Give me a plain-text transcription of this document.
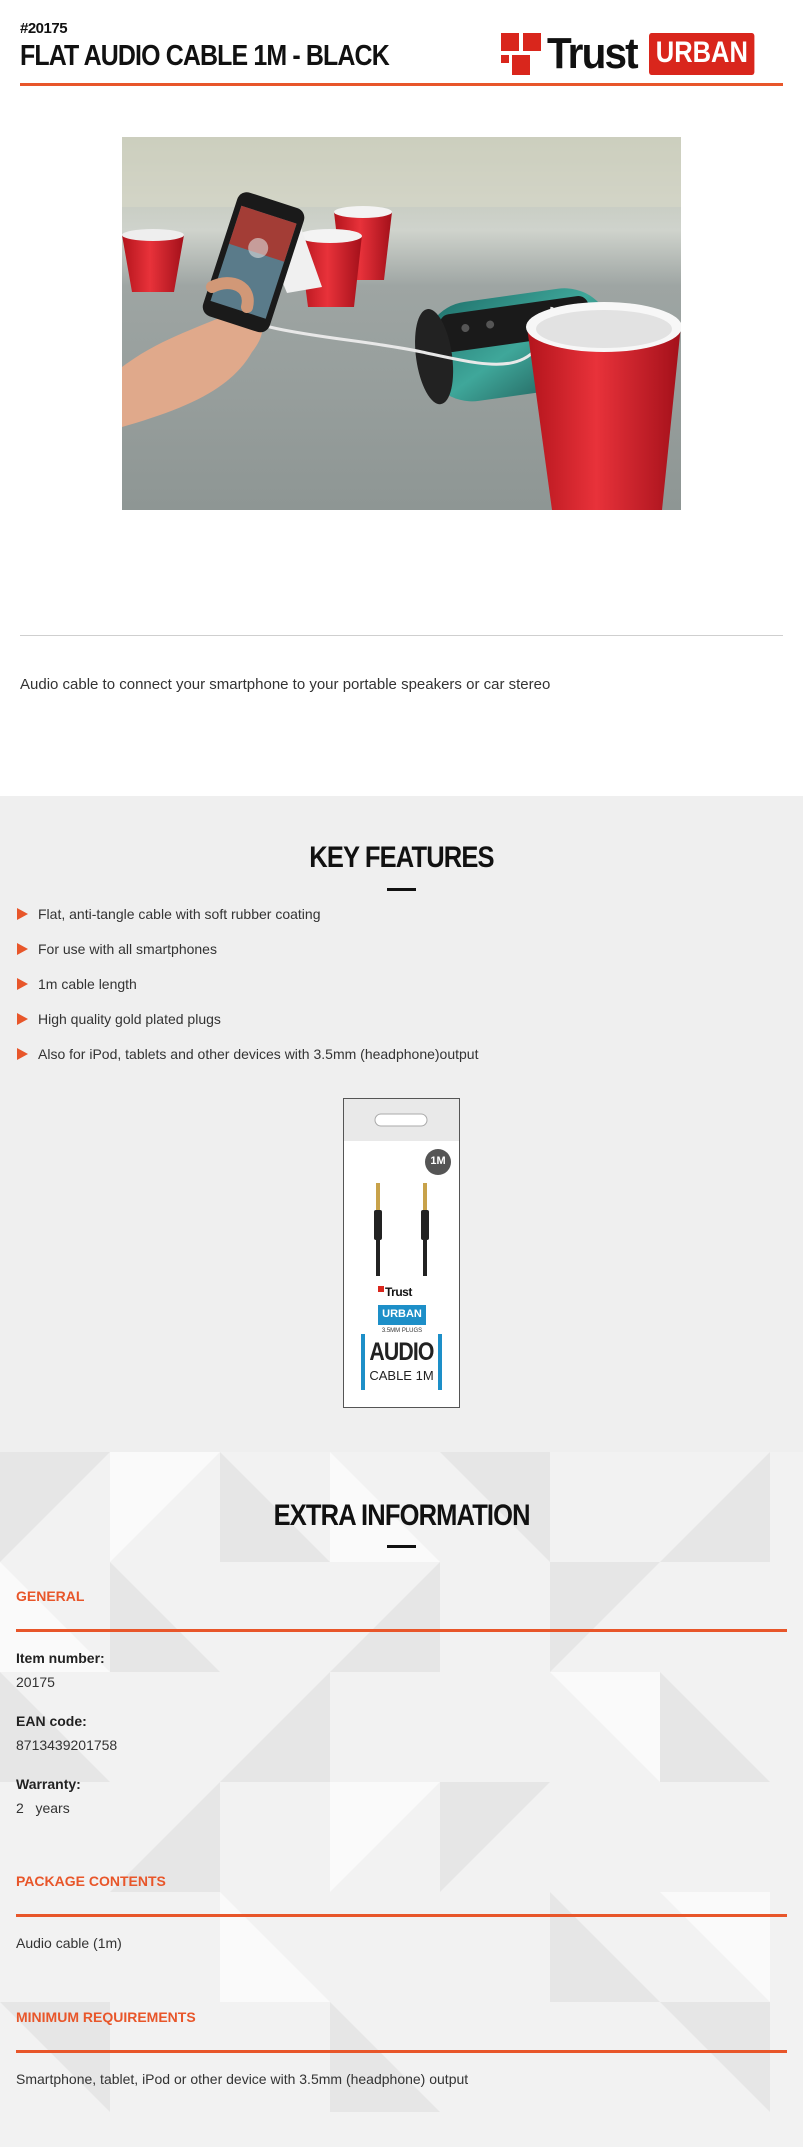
#20175
FLAT AUDIO CABLE 1M - BLACK	Trust URBAN

Audio cable to connect your smartphone to your portable speakers or car stereo

KEY FEATURES
Flat, anti-tangle cable with soft rubber coating
For use with all smartphones
1m cable length
High quality gold plated plugs
Also for iPod, tablets and other devices with 3.5mm (headphone)output
1M
Trust
URBAN
3.5MM PLUGS
AUDIO
CABLE 1M
EXTRA INFORMATION
GENERAL
Item number:
20175
EAN code:
8713439201758
Warranty:
2   years
PACKAGE CONTENTS
Audio cable (1m)
MINIMUM REQUIREMENTS
Smartphone, tablet, iPod or other device with 3.5mm (headphone) output
